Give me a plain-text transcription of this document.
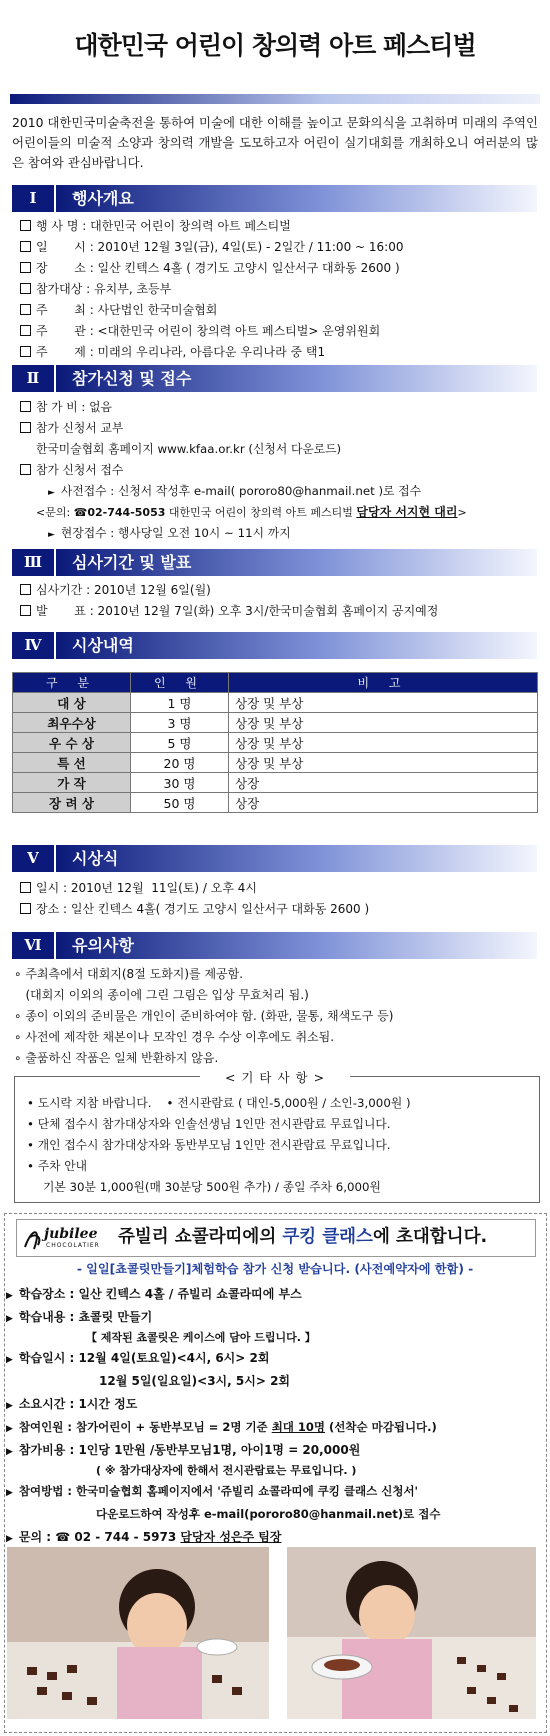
대한민국 어린이 창의력 아트 페스티벌
2010 대한민국미술축전을 통하여 미술에 대한 이해를 높이고 문화의식을 고취하며 미래의 주역인 어린이들의 미술적 소양과 창의력 개발을 도모하고자 어린이 실기대회를 개최하오니 여러분의 많은 참여와 관심바랍니다.
Ⅰ	행사개요
행 사 명 : 대한민국 어린이 창의력 아트 페스티벌
일       시 : 2010년 12월 3일(금), 4일(토) - 2일간 / 11:00 ~ 16:00
장       소 : 일산 킨텍스 4홀 ( 경기도 고양시 일산서구 대화동 2600 )
참가대상 : 유치부, 초등부
주       최 : 사단법인 한국미술협회
주       관 : <대한민국 어린이 창의력 아트 페스티벌> 운영위원회
주       제 : 미래의 우리나라, 아름다운 우리나라 중 택1
Ⅱ	참가신청 및 접수
참 가 비 : 없음
참가 신청서 교부
한국미술협회 홈페이지 www.kfaa.or.kr (신청서 다운로드)
참가 신청서 접수
► 사전접수 : 신청서 작성후 e-mail( pororo80@hanmail.net )로 접수
<문의: ☎02-744-5053 대한민국 어린이 창의력 아트 페스티벌 담당자 서지현 대리>
► 현장접수 : 행사당일 오전 10시 ~ 11시 까지
Ⅲ	심사기간 및 발표
심사기간 : 2010년 12월 6일(월)
발       표 : 2010년 12월 7일(화) 오후 3시/한국미술협회 홈페이지 공지예정
Ⅳ	시상내역
구 분	인 원	비 고
대 상	1 명	상장 및 부상
최우수상	3 명	상장 및 부상
우 수 상	5 명	상장 및 부상
특 선	20 명	상장 및 부상
가 작	30 명	상장
장 려 상	50 명	상장
Ⅴ	시상식
일시 : 2010년 12월  11일(토) / 오후 4시
장소 : 일산 킨텍스 4홀( 경기도 고양시 일산서구 대화동 2600 )
Ⅵ	유의사항
∘ 주최측에서 대회지(8절 도화지)를 제공함.
(대회지 이외의 종이에 그린 그림은 입상 무효처리 됨.)
∘ 종이 이외의 준비물은 개인이 준비하여야 함. (화판, 물통, 채색도구 등)
∘ 사전에 제작한 채본이나 모작인 경우 수상 이후에도 취소됨.
∘ 출품하신 작품은 일체 반환하지 않음.
• 도시락 지참 바랍니다.    • 전시관람료 ( 대인-5,000원 / 소인-3,000원 )
• 단체 접수시 참가대상자와 인솔선생님 1인만 전시관람료 무료입니다.
• 개인 접수시 참가대상자와 동반부모님 1인만 전시관람료 무료입니다.
• 주차 안내
기본 30분 1,000원(매 30분당 500원 추가) / 종일 주차 6,000원
< 기 타 사 항 >
jubilee
CHOCOLATIER 쥬빌리 쇼콜라띠에의 쿠킹 클래스에 초대합니다.
- 일일[쵸콜릿만들기]체험학습 참가 신청 받습니다. (사전예약자에 한함) -
▶ 학습장소 : 일산 킨텍스 4홀 / 쥬빌리 쇼콜라띠에 부스
▶ 학습내용 : 쵸콜릿 만들기
【 제작된 쵸콜릿은 케이스에 담아 드립니다. 】
▶ 학습일시 : 12월 4일(토요일)<4시, 6시> 2회
12월 5일(일요일)<3시, 5시> 2회
▶ 소요시간 : 1시간 정도
▶ 참여인원 : 참가어린이 + 동반부모님 = 2명 기준 최대 10명 (선착순 마감됩니다.)
▶ 참가비용 : 1인당 1만원 /동반부모님1명, 아이1명 = 20,000원
( ※ 참가대상자에 한해서 전시관람료는 무료입니다. )
▶ 참여방법 : 한국미술협회 홈페이지에서 '쥬빌리 쇼콜라띠에 쿠킹 클래스 신청서'
다운로드하여 작성후 e-mail(pororo80@hanmail.net)로 접수
▶ 문의 : ☎ 02 - 744 - 5973 담당자 성은주 팀장
